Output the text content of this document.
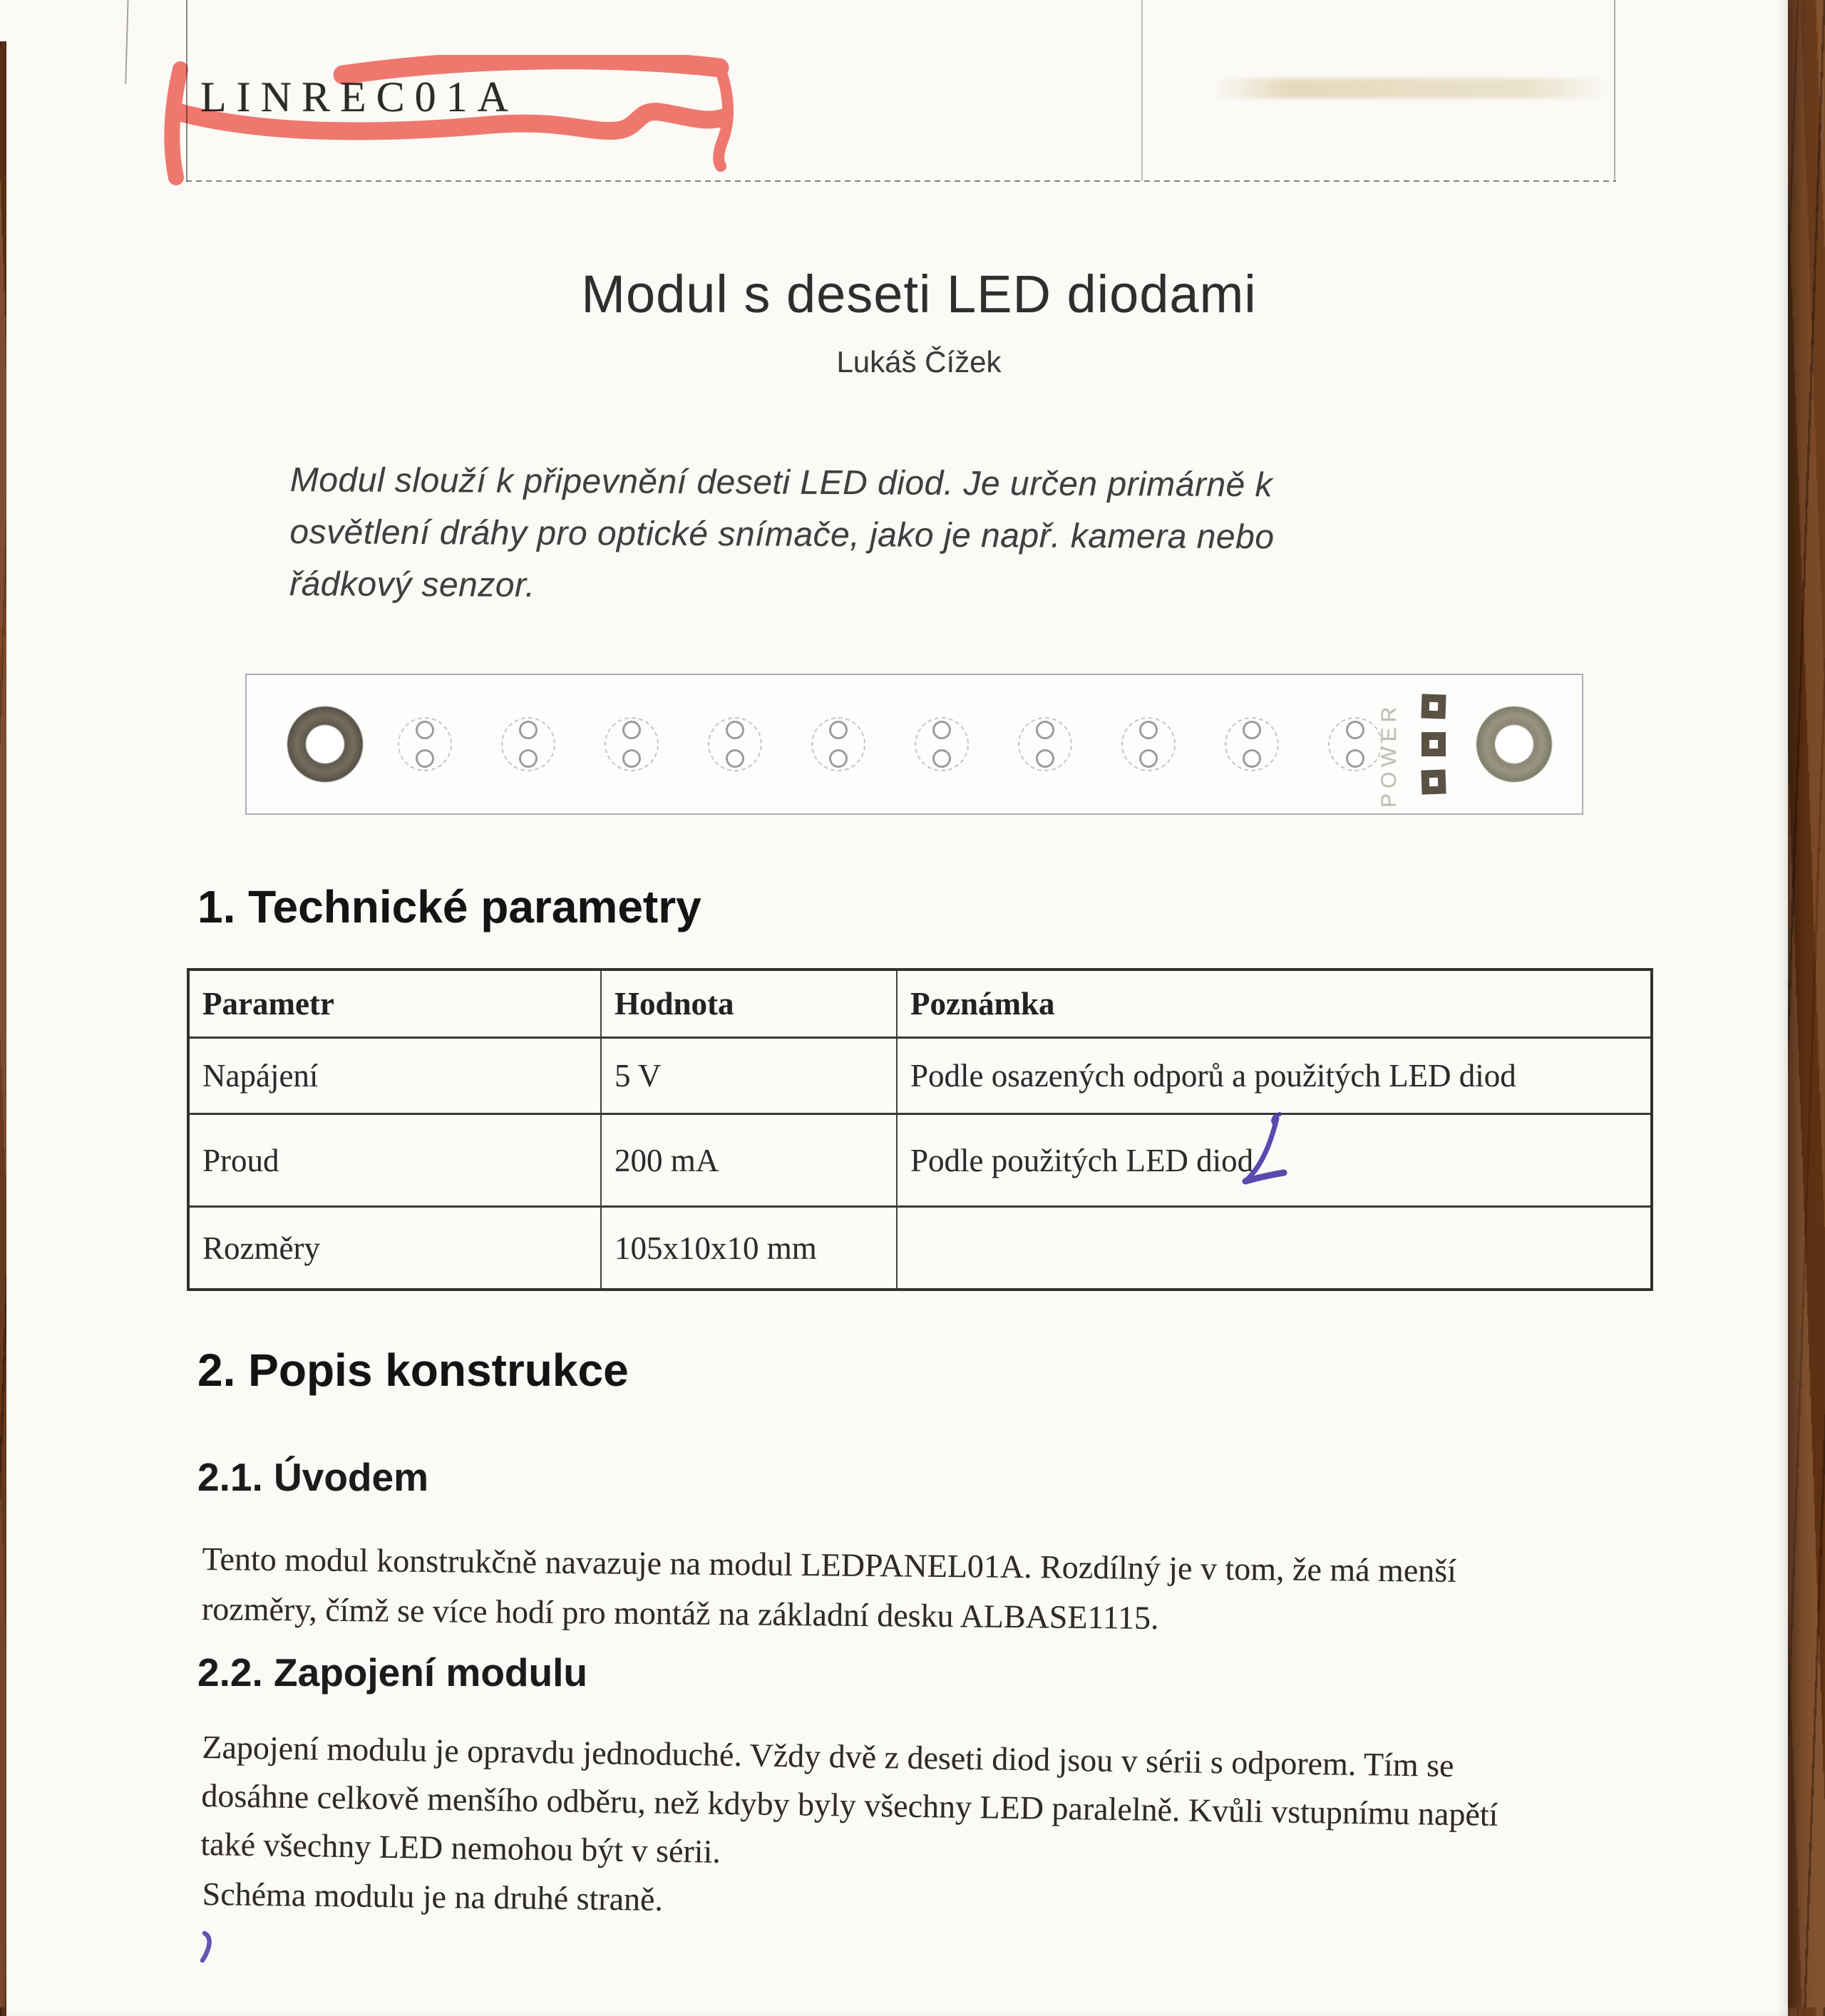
LINREC01A
Modul s deseti LED diodami
Lukáš Čížek
Modul slouží k připevnění deseti LED diod. Je určen primárně k
osvětlení dráhy pro optické snímače, jako je např. kamera nebo
řádkový senzor.
POWER
1. Technické parametry
Parametr	Hodnota	Poznámka
Napájení	5 V	Podle osazených odporů a použitých LED diod
Proud	200 mA	Podle použitých LED diod
Rozměry	105x10x10 mm
2. Popis konstrukce
2.1. Úvodem
Tento modul konstrukčně navazuje na modul LEDPANEL01A. Rozdílný je v tom, že má menší
rozměry, čímž se více hodí pro montáž na základní desku ALBASE1115.
2.2. Zapojení modulu
Zapojení modulu je opravdu jednoduché. Vždy dvě z deseti diod jsou v sérii s odporem. Tím se
dosáhne celkově menšího odběru, než kdyby byly všechny LED paralelně. Kvůli vstupnímu napětí
také všechny LED nemohou být v sérii.
Schéma modulu je na druhé straně.
